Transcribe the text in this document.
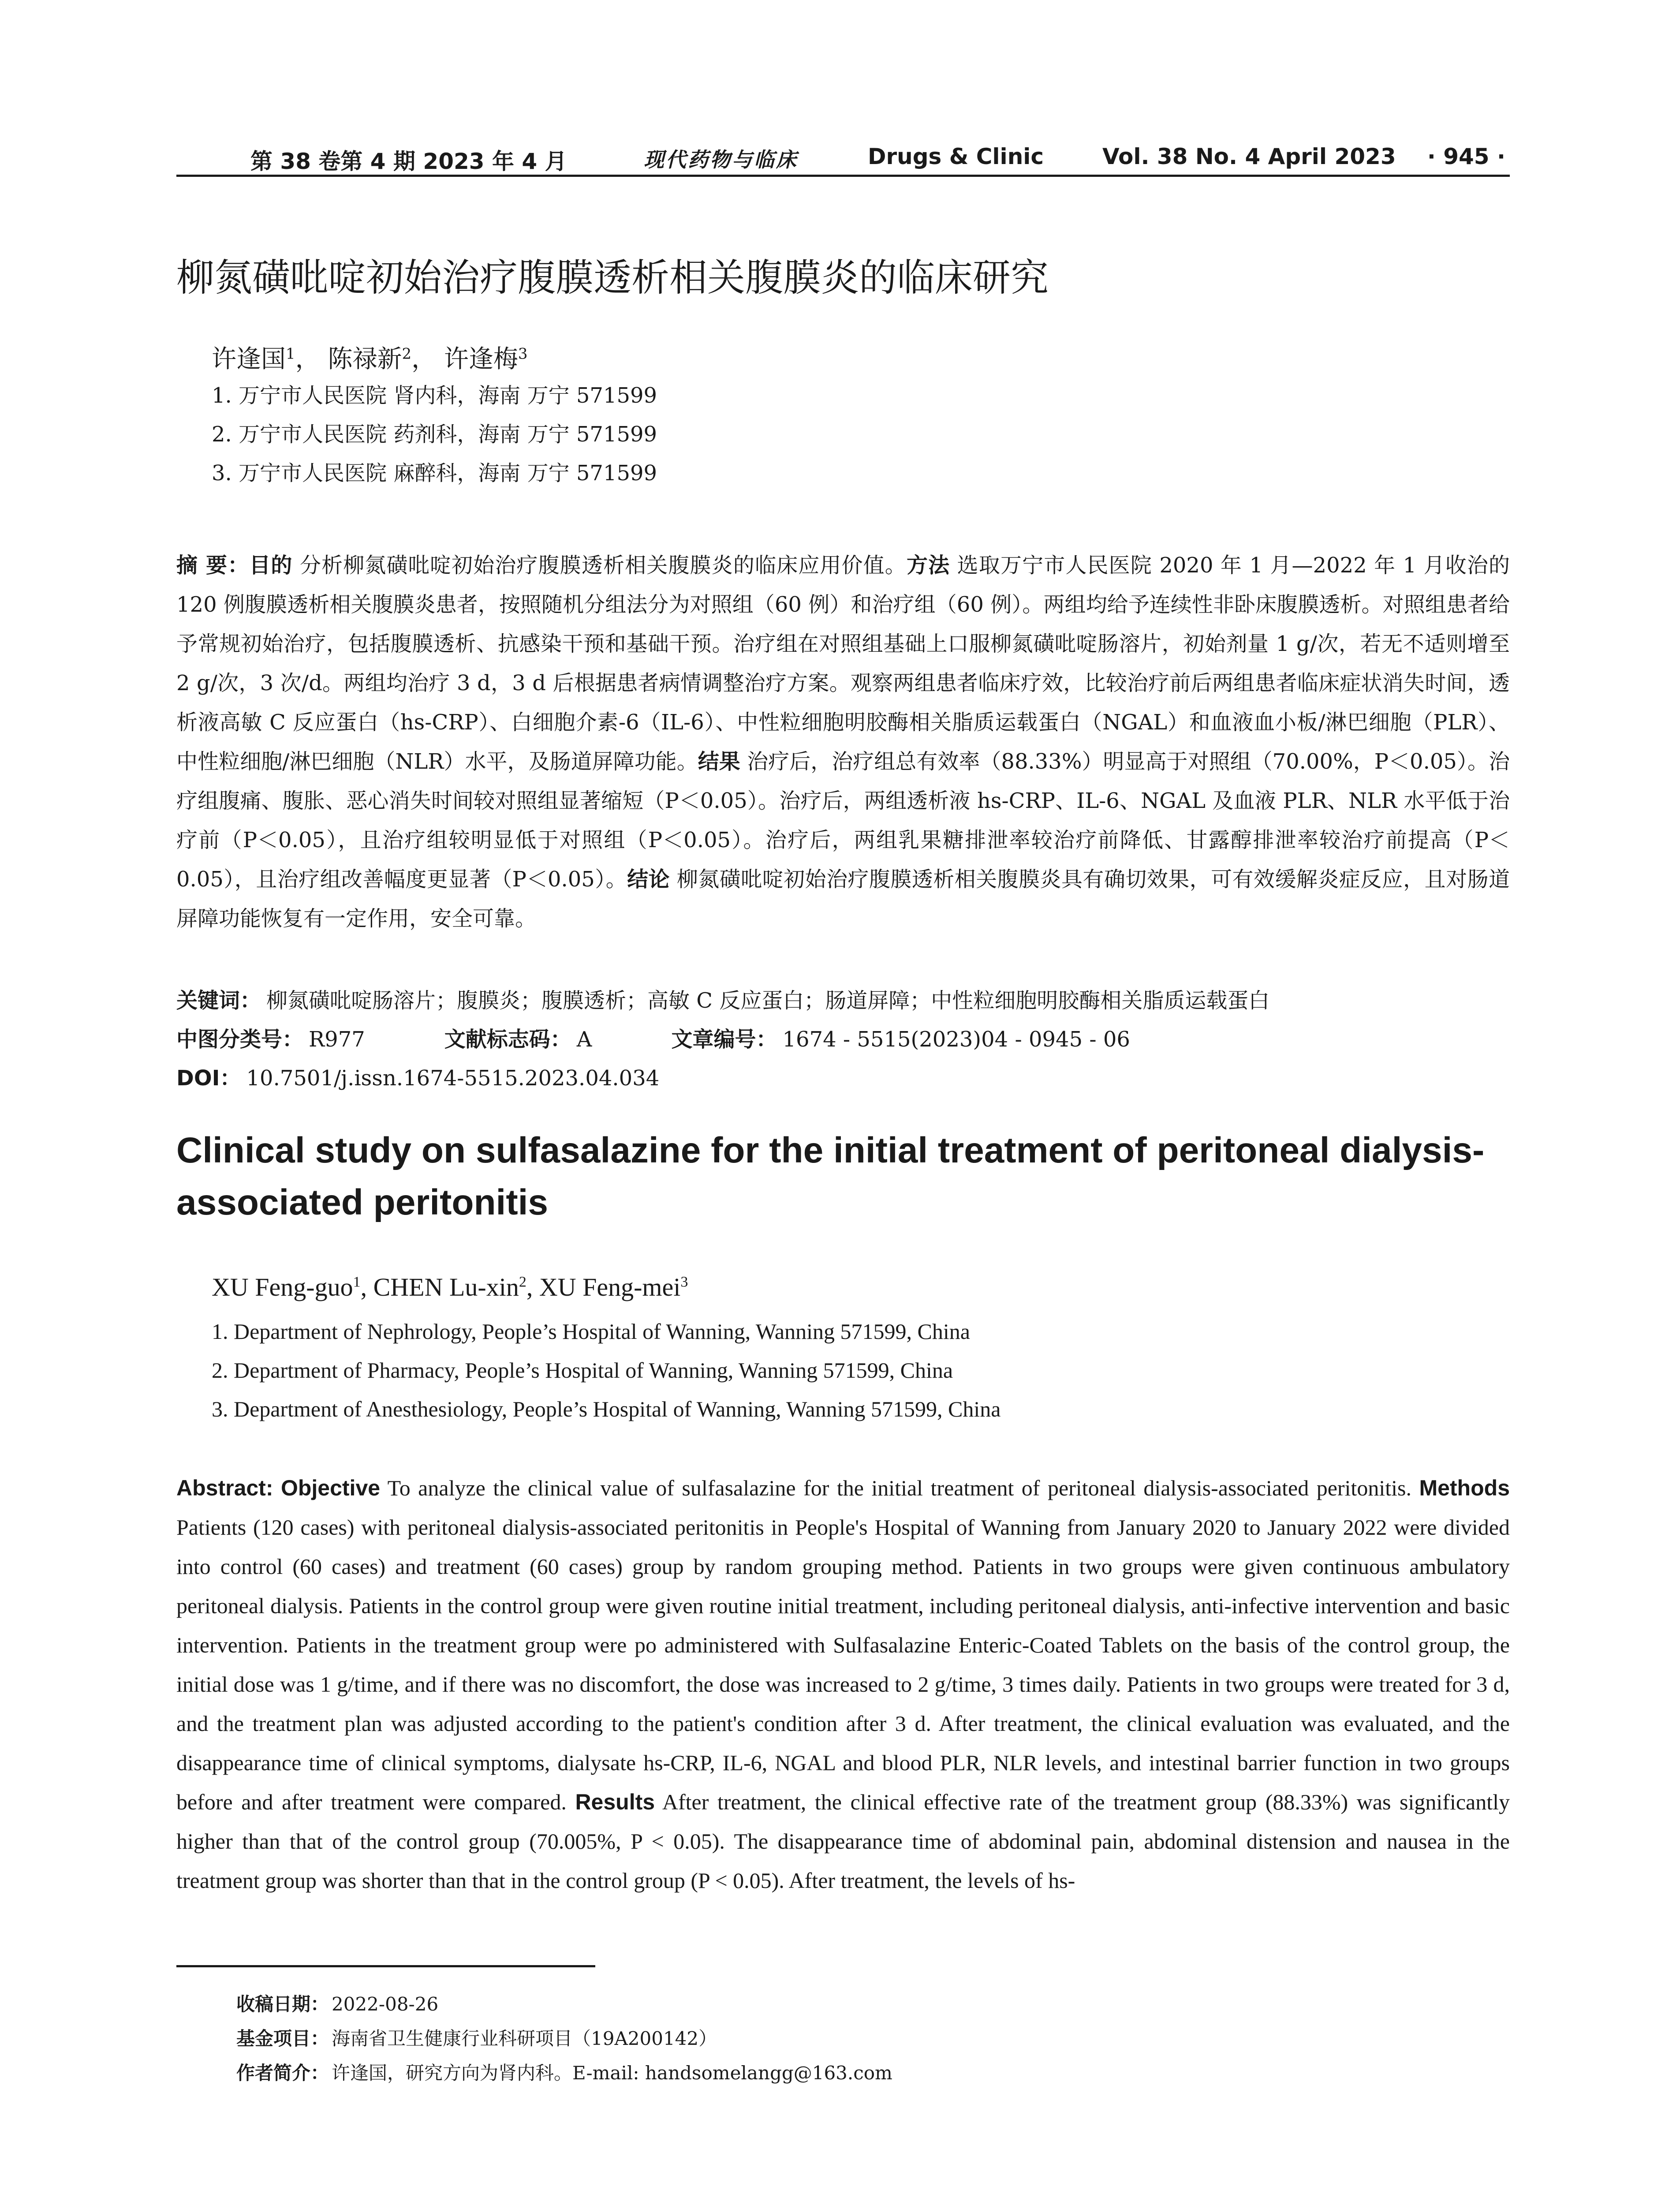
第 38 卷第 4 期 2023 年 4 月	现代药物与临床	Drugs & Clinic	Vol. 38 No. 4 April 2023 · 945 ·
柳氮磺吡啶初始治疗腹膜透析相关腹膜炎的临床研究
许逢国$^1$， 陈禄新$^2$， 许逢梅$^3$
1. 万宁市人民医院 肾内科，海南 万宁 571599
2. 万宁市人民医院 药剂科，海南 万宁 571599
3. 万宁市人民医院 麻醉科，海南 万宁 571599
摘 要：目的 分析柳氮磺吡啶初始治疗腹膜透析相关腹膜炎的临床应用价值。方法 选取万宁市人民医院 2020 年 1 月—2022 年 1 月收治的 120 例腹膜透析相关腹膜炎患者，按照随机分组法分为对照组（60 例）和治疗组（60 例）。两组均给予连续性非卧床腹膜透析。对照组患者给予常规初始治疗，包括腹膜透析、抗感染干预和基础干预。治疗组在对照组基础上口服柳氮磺吡啶肠溶片，初始剂量 1 g/次，若无不适则增至 2 g/次，3 次/d。两组均治疗 3 d，3 d 后根据患者病情调整治疗方案。观察两组患者临床疗效，比较治疗前后两组患者临床症状消失时间，透析液高敏 C 反应蛋白（hs-CRP）、白细胞介素-6（IL-6）、中性粒细胞明胶酶相关脂质运载蛋白（NGAL）和血液血小板/淋巴细胞（PLR）、中性粒细胞/淋巴细胞（NLR）水平，及肠道屏障功能。结果 治疗后，治疗组总有效率（88.33%）明显高于对照组（70.00%，P＜0.05）。治疗组腹痛、腹胀、恶心消失时间较对照组显著缩短（P＜0.05）。治疗后，两组透析液 hs-CRP、IL-6、NGAL 及血液 PLR、NLR 水平低于治疗前（P＜0.05），且治疗组较明显低于对照组（P＜0.05）。治疗后，两组乳果糖排泄率较治疗前降低、甘露醇排泄率较治疗前提高（P＜0.05），且治疗组改善幅度更显著（P＜0.05）。结论 柳氮磺吡啶初始治疗腹膜透析相关腹膜炎具有确切效果，可有效缓解炎症反应，且对肠道屏障功能恢复有一定作用，安全可靠。
关键词： 柳氮磺吡啶肠溶片；腹膜炎；腹膜透析；高敏 C 反应蛋白；肠道屏障；中性粒细胞明胶酶相关脂质运载蛋白
中图分类号： R977	文献标志码： A	文章编号： 1674 - 5515(2023)04 - 0945 - 06
DOI： 10.7501/j.issn.1674-5515.2023.04.034
Clinical study on sulfasalazine for the initial treatment of peritoneal dialysis-associated peritonitis
XU Feng-guo$^1$, CHEN Lu-xin$^2$, XU Feng-mei$^3$
1. Department of Nephrology, People’s Hospital of Wanning, Wanning 571599, China
2. Department of Pharmacy, People’s Hospital of Wanning, Wanning 571599, China
3. Department of Anesthesiology, People’s Hospital of Wanning, Wanning 571599, China
Abstract: Objective To analyze the clinical value of sulfasalazine for the initial treatment of peritoneal dialysis-associated peritonitis. Methods Patients (120 cases) with peritoneal dialysis-associated peritonitis in People's Hospital of Wanning from January 2020 to January 2022 were divided into control (60 cases) and treatment (60 cases) group by random grouping method. Patients in two groups were given continuous ambulatory peritoneal dialysis. Patients in the control group were given routine initial treatment, including peritoneal dialysis, anti-infective intervention and basic intervention. Patients in the treatment group were po administered with Sulfasalazine Enteric-Coated Tablets on the basis of the control group, the initial dose was 1 g/time, and if there was no discomfort, the dose was increased to 2 g/time, 3 times daily. Patients in two groups were treated for 3 d, and the treatment plan was adjusted according to the patient's condition after 3 d. After treatment, the clinical evaluation was evaluated, and the disappearance time of clinical symptoms, dialysate hs-CRP, IL-6, NGAL and blood PLR, NLR levels, and intestinal barrier function in two groups before and after treatment were compared. Results After treatment, the clinical effective rate of the treatment group (88.33%) was significantly higher than that of the control group (70.005%, P < 0.05). The disappearance time of abdominal pain, abdominal distension and nausea in the treatment group was shorter than that in the control group (P < 0.05). After treatment, the levels of hs-
收稿日期： 2022-08-26
基金项目： 海南省卫生健康行业科研项目（19A200142）
作者简介： 许逢国，研究方向为肾内科。E-mail: handsomelangg@163.com
